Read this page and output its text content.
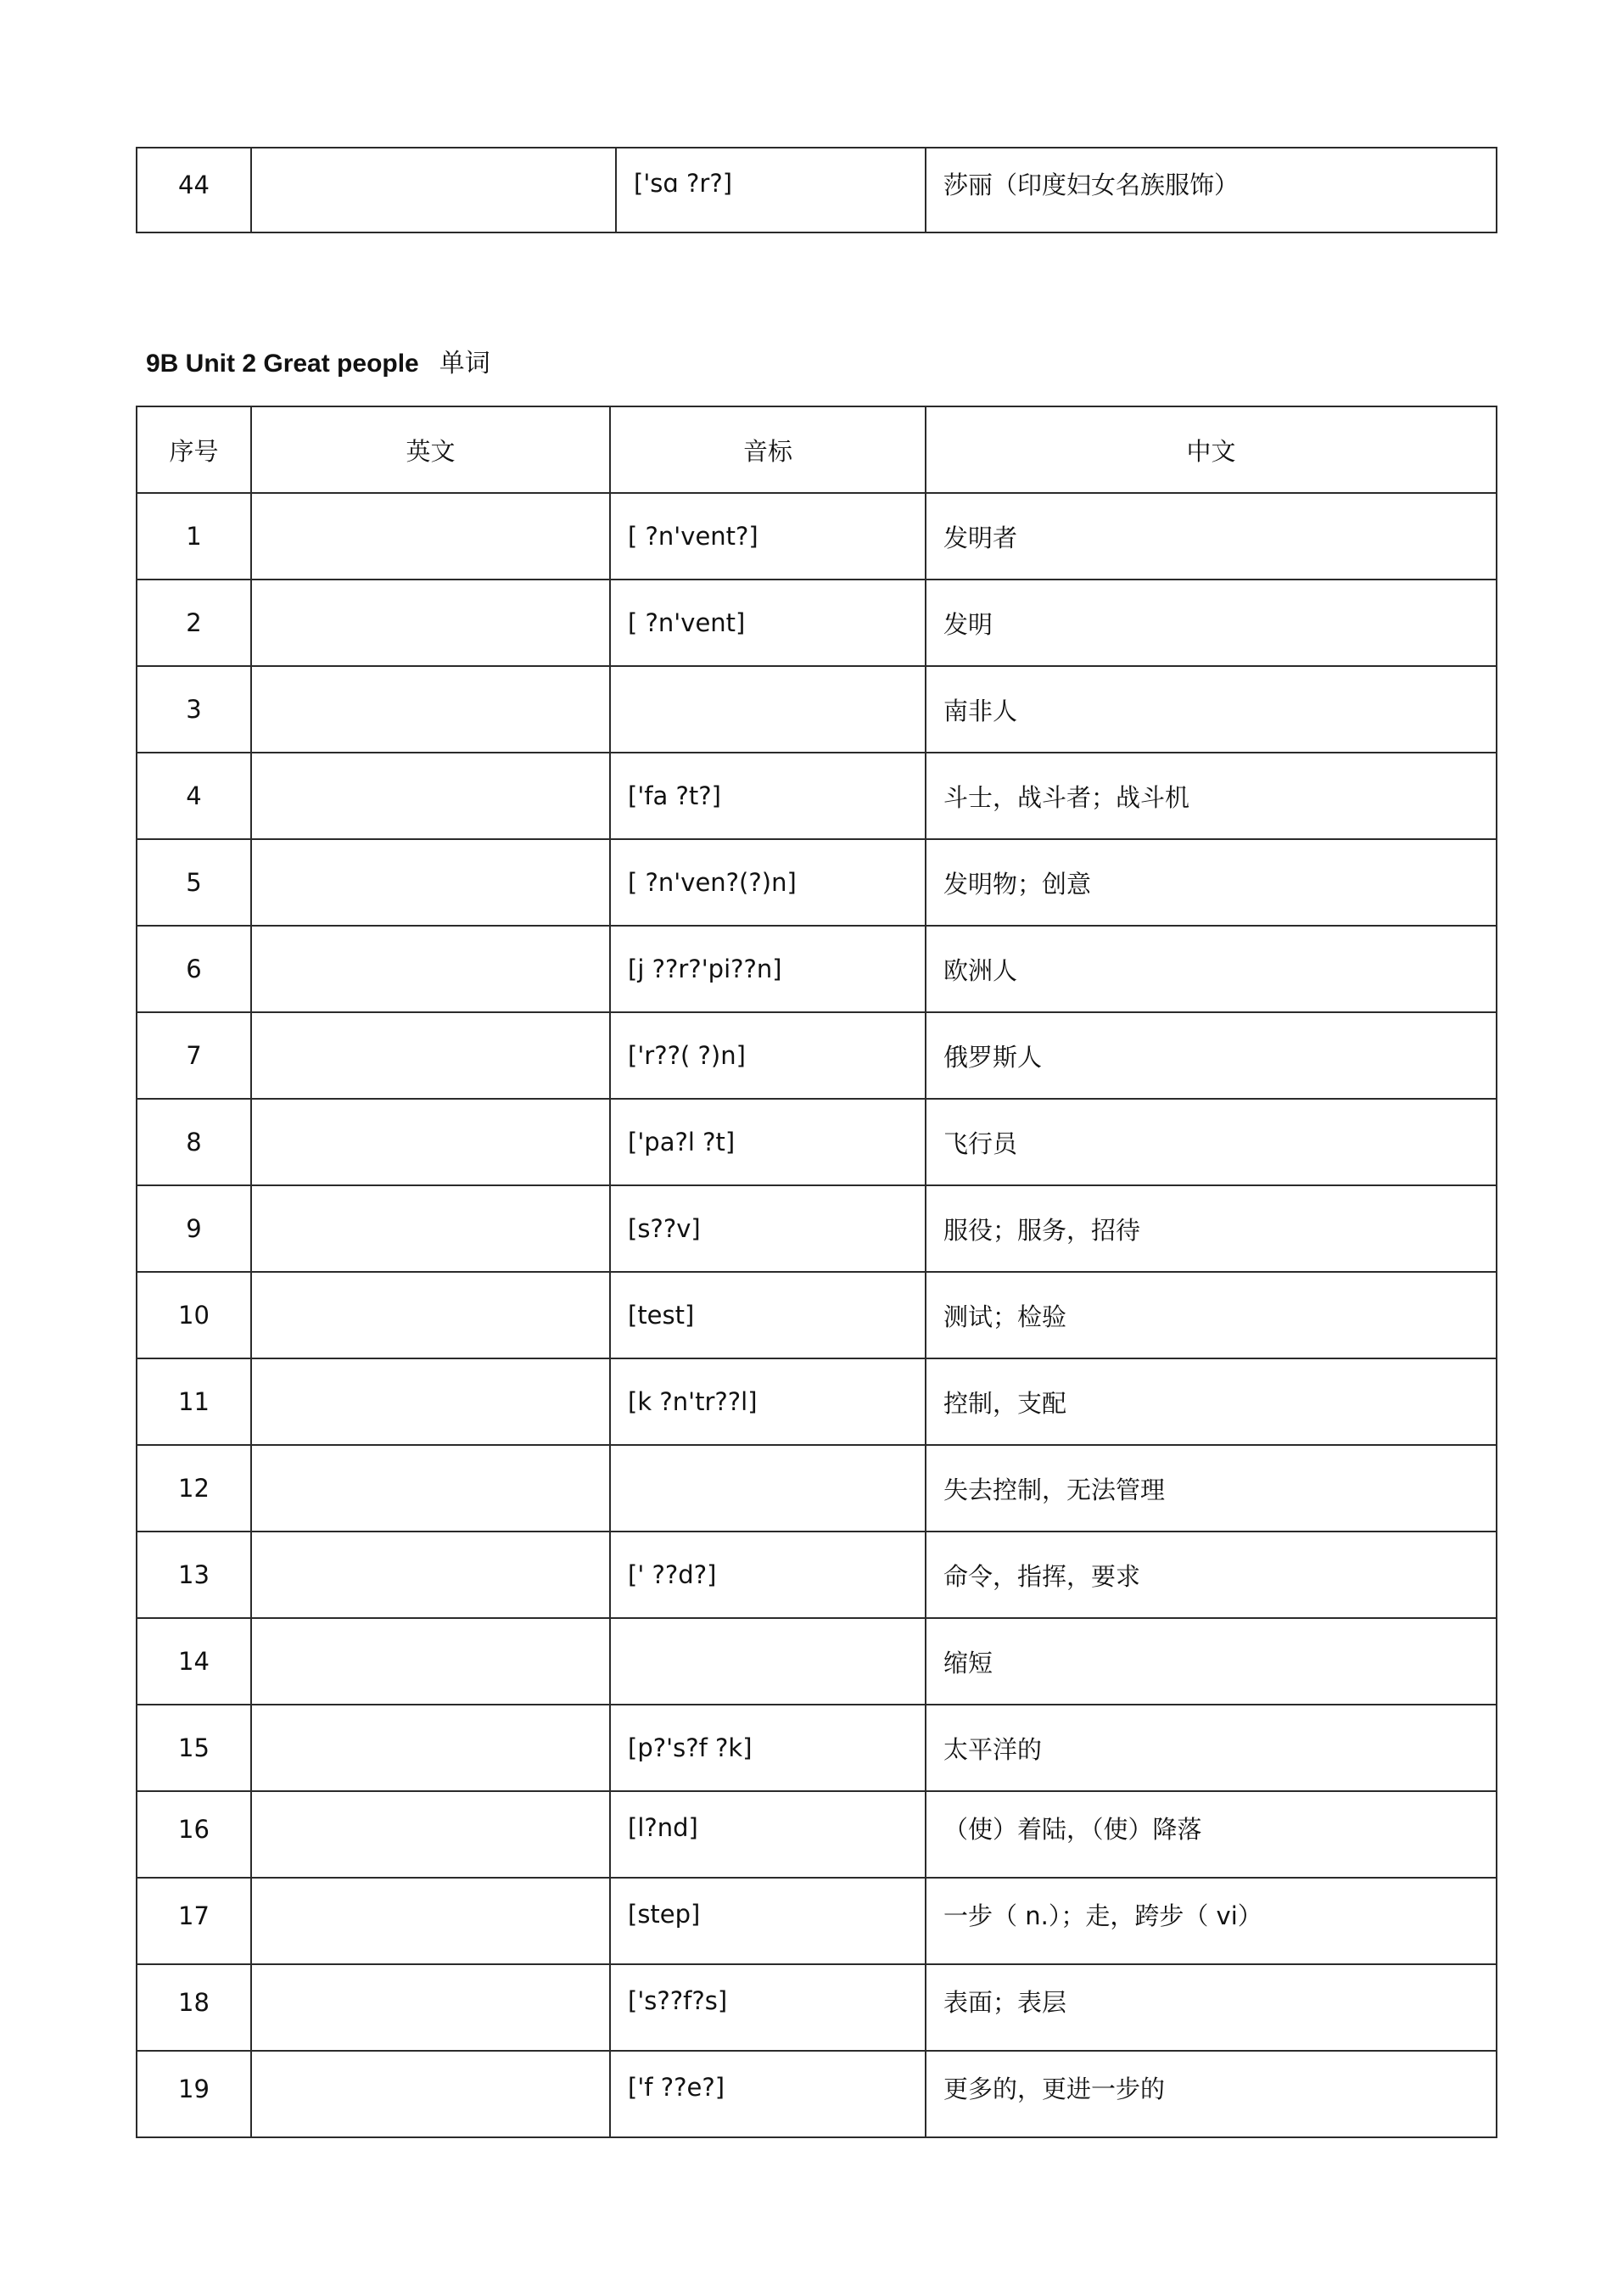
44		['sɑ ?r?]	莎丽（印度妇女名族服饰）
9B Unit 2 Great people 单词
序号	英文	音标	中文
1		[ ?n'vent?]	发明者
2		[ ?n'vent]	发明
3			南非人
4		['fa ?t?]	斗士，战斗者；战斗机
5		[ ?n'ven?(?)n]	发明物；创意
6		[j ??r?'pi??n]	欧洲人
7		['r??( ?)n]	俄罗斯人
8		['pa?l ?t]	飞行员
9		[s??v]	服役；服务，招待
10		[test]	测试；检验
11		[k ?n'tr??l]	控制，支配
12			失去控制，无法管理
13		[' ??d?]	命令，指挥，要求
14			缩短
15		[p?'s?f ?k]	太平洋的
16		[l?nd]	（使）着陆，（使）降落
17		[step]	一步（ n.）；走，跨步（ vi）
18		['s??f?s]	表面；表层
19		['f ??e?]	更多的，更进一步的
